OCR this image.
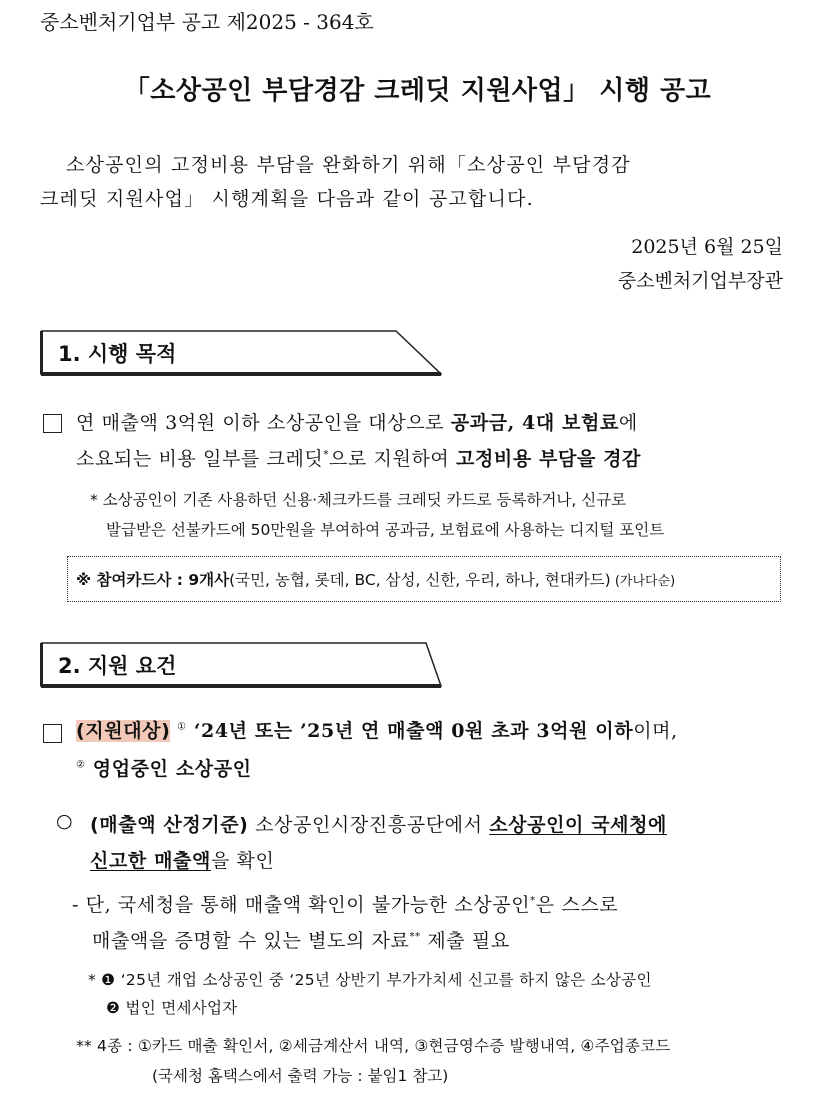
중소벤처기업부 공고 제2025 - 364호
「소상공인 부담경감 크레딧 지원사업」 시행 공고
소상공인의 고정비용 부담을 완화하기 위해「소상공인 부담경감
크레딧 지원사업」 시행계획을 다음과 같이 공고합니다.
2025년 6월 25일
중소벤처기업부장관
1. 시행 목적
연 매출액 3억원 이하 소상공인을 대상으로 공과금, 4대 보험료에
소요되는 비용 일부를 크레딧*으로 지원하여 고정비용 부담을 경감
* 소상공인이 기존 사용하던 신용·체크카드를 크레딧 카드로 등록하거나, 신규로
발급받은 선불카드에 50만원을 부여하여 공과금, 보험료에 사용하는 디지털 포인트
※ 참여카드사 : 9개사(국민, 농협, 롯데, BC, 삼성, 신한, 우리, 하나, 현대카드) (가나다순)
2. 지원 요건
(지원대상) ① ‘24년 또는 ’25년 연 매출액 0원 초과 3억원 이하이며,
② 영업중인 소상공인
○ (매출액 산정기준) 소상공인시장진흥공단에서 소상공인이 국세청에
신고한 매출액을 확인
- 단, 국세청을 통해 매출액 확인이 불가능한 소상공인*은 스스로
매출액을 증명할 수 있는 별도의 자료** 제출 필요
* ❶ ‘25년 개업 소상공인 중 ‘25년 상반기 부가가치세 신고를 하지 않은 소상공인
❷ 법인 면세사업자
** 4종 : ①카드 매출 확인서, ②세금계산서 내역, ③현금영수증 발행내역, ④주업종코드
(국세청 홈택스에서 출력 가능 : 붙임1 참고)
